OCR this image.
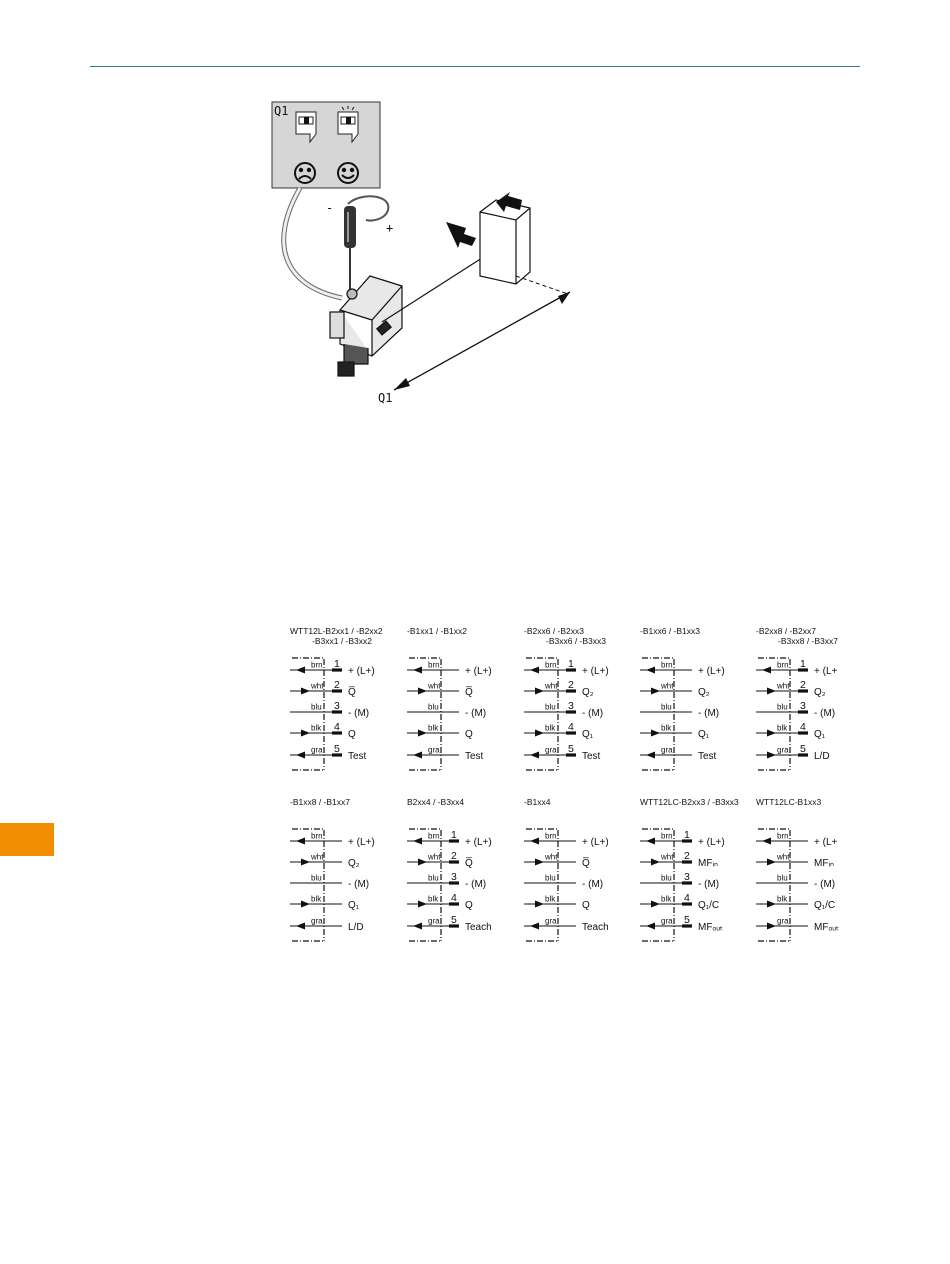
Q1
-
+
Q1
WTT12L-B2xx1 / -B2xx2
-B3xx1 / -B3xx2
brn 1
+ (L+)
wht 2
Q̅
blu 3
- (M)
blk 4
Q
gra 5
Test
-B1xx1 / -B1xx2
brn
+ (L+)
wht
Q̅
blu
- (M)
blk
Q
gra
Test
-B2xx6 / -B2xx3
-B3xx6 / -B3xx3
brn 1
+ (L+)
wht 2
Q₂
blu 3
- (M)
blk 4
Q₁
gra 5
Test
-B1xx6 / -B1xx3
brn
+ (L+)
wht
Q₂
blu
- (M)
blk
Q₁
gra
Test
-B2xx8 / -B2xx7
-B3xx8 / -B3xx7
brn 1
+ (L+
wht 2
Q₂
blu 3
- (M)
blk 4
Q₁
gra 5
L/D
-B1xx8 / -B1xx7
brn
+ (L+)
wht
Q₂
blu
- (M)
blk
Q₁
gra
L/D
B2xx4 / -B3xx4
brn 1
+ (L+)
wht 2
Q̅
blu 3
- (M)
blk 4
Q
gra 5
Teach
-B1xx4
brn
+ (L+)
wht
Q̅
blu
- (M)
blk
Q
gra
Teach
WTT12LC-B2xx3 / -B3xx3
brn 1
+ (L+)
wht 2
MFᵢₙ
blu 3
- (M)
blk 4
Q₁/C
gra 5
MFₒᵤₜ
WTT12LC-B1xx3
brn
+ (L+
wht
MFᵢₙ
blu
- (M)
blk
Q₁/C
gra
MFₒᵤₜ
